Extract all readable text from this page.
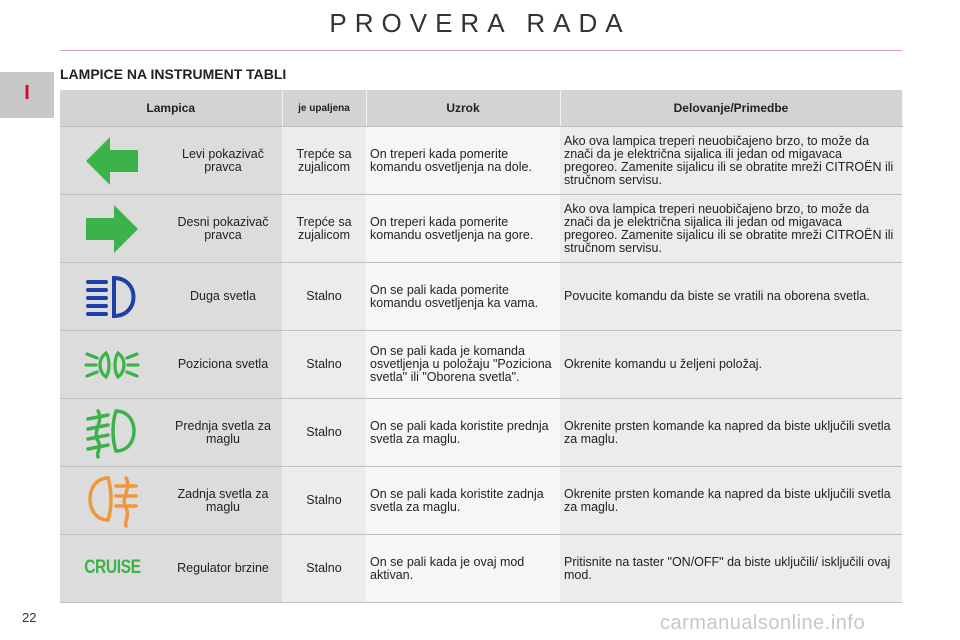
PROVERA RADA
I
LAMPICE NA INSTRUMENT TABLI
Lampica		je upaljena	Uzrok	Delovanje/Primedbe
	Levi pokazivač pravca	Trepće sa zujalicom	On treperi kada pomerite komandu osvetljenja na dole.	Ako ova lampica treperi neuobičajeno brzo, to može da znači da je električna sijalica ili jedan od migavaca pregoreo. Zamenite sijalicu ili se obratite mreži CITROËN ili stručnom servisu.
	Desni pokazivač pravca	Trepće sa zujalicom	On treperi kada pomerite komandu osvetljenja na gore.	Ako ova lampica treperi neuobičajeno brzo, to može da znači da je električna sijalica ili jedan od migavaca pregoreo. Zamenite sijalicu ili se obratite mreži CITROËN ili stručnom servisu.
	Duga svetla	Stalno	On se pali kada pomerite komandu osvetljenja ka vama.	Povucite komandu da biste se vratili na oborena svetla.
	Poziciona svetla	Stalno	On se pali kada je komanda osvetljenja u položaju "Poziciona svetla" ili "Oborena svetla".	Okrenite komandu u željeni položaj.
	Prednja svetla za maglu	Stalno	On se pali kada koristite prednja svetla za maglu.	Okrenite prsten komande ka napred da biste uključili svetla za maglu.
	Zadnja svetla za maglu	Stalno	On se pali kada koristite zadnja svetla za maglu.	Okrenite prsten komande ka napred da biste uključili svetla za maglu.
CRUISE	Regulator brzine	Stalno	On se pali kada je ovaj mod aktivan.	Pritisnite na taster "ON/OFF" da biste uključili/ isključili ovaj mod.
22	carmanualsonline.info
